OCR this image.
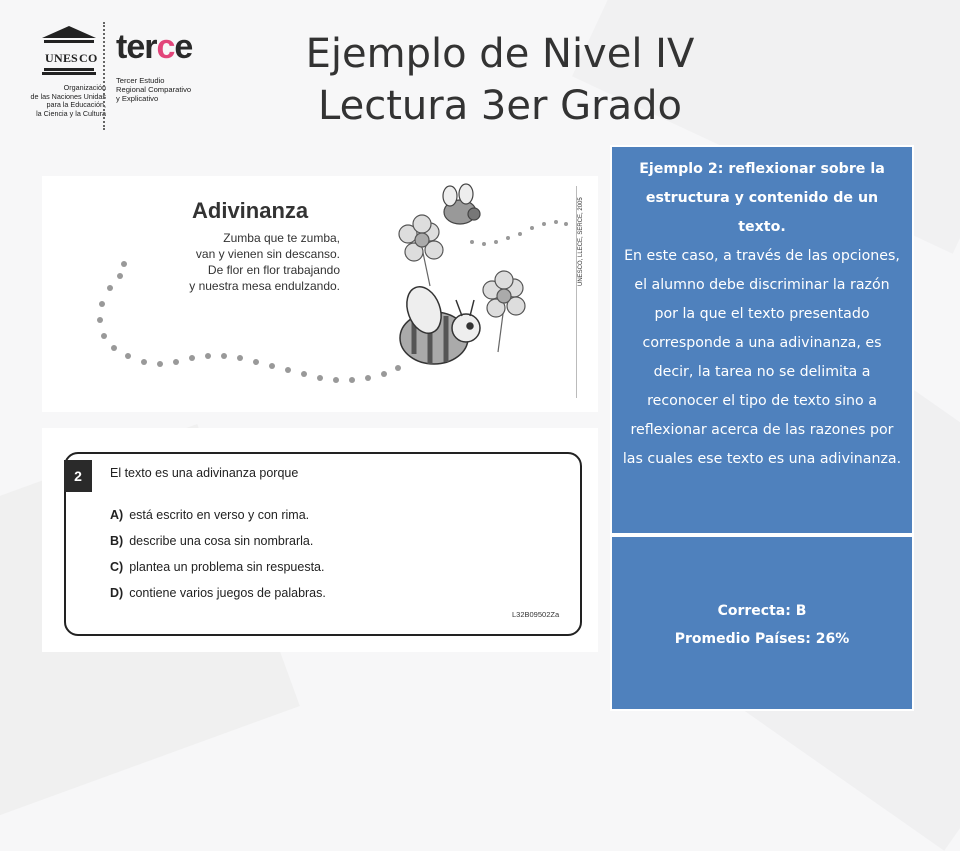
U N E S C O
Organización
de las Naciones Unidas
para la Educación,
la Ciencia y la Cultura
terce
Tercer Estudio
Regional Comparativo
y Explicativo
Ejemplo de Nivel IV
Lectura 3er Grado
Adivinanza
Zumba que te zumba,
van y vienen sin descanso.
De flor en flor trabajando
y nuestra mesa endulzando.	UNESCO, LLECE, SERCE, 2005
2	El texto es una adivinanza porque
A) está escrito en verso y con rima.
B) describe una cosa sin nombrarla.
C) plantea un problema sin respuesta.
D) contiene varios juegos de palabras.
L32B09502Za
Ejemplo 2: reflexionar sobre la estructura y contenido de un texto.
En este caso, a través de las opciones, el alumno debe discriminar la razón por la que el texto presentado corresponde a una adivinanza, es decir, la tarea no se delimita a reconocer el tipo de texto sino a reflexionar acerca de las razones por las cuales ese texto es una adivinanza.
Correcta: B
Promedio Países: 26%
